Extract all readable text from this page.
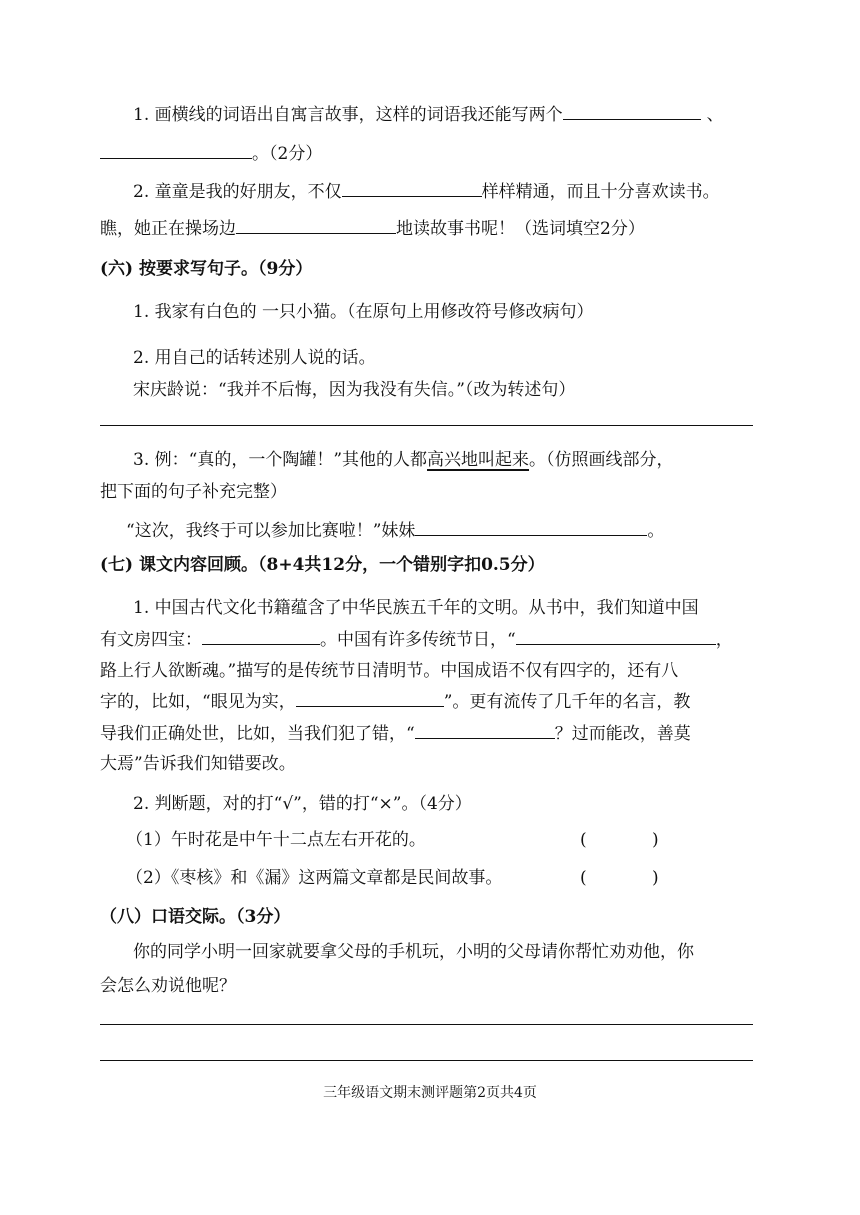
1. 画横线的词语出自寓言故事，这样的词语我还能写两个	、
。（2分）
2. 童童是我的好朋友，不仅	样样精通，而且十分喜欢读书。
瞧，她正在操场边	地读故事书呢！（选词填空2分）
(六) 按要求写句子。（9分）
1. 我家有白色的 一只小猫。（在原句上用修改符号修改病句）
2. 用自己的话转述别人说的话。
宋庆龄说：“我并不后悔，因为我没有失信。”（改为转述句）
3. 例：“真的，一个陶罐！”其他的人都高兴地叫起来。（仿照画线部分，
把下面的句子补充完整）
“这次，我终于可以参加比赛啦！”妹妹	。
(七) 课文内容回顾。（8+4共12分，一个错别字扣0.5分）
1. 中国古代文化书籍蕴含了中华民族五千年的文明。从书中，我们知道中国
有文房四宝：	。中国有许多传统节日，“	，
路上行人欲断魂。”描写的是传统节日清明节。中国成语不仅有四字的，还有八
字的，比如，“眼见为实，	”。更有流传了几千年的名言，教
导我们正确处世，比如，当我们犯了错，“	？过而能改，善莫
大焉”告诉我们知错要改。
2. 判断题，对的打“√”，错的打“×”。（4分）
（1）午时花是中午十二点左右开花的。	(	)
（2）《枣核》和《漏》这两篇文章都是民间故事。	(	)
（八）口语交际。（3分）
你的同学小明一回家就要拿父母的手机玩，小明的父母请你帮忙劝劝他，你
会怎么劝说他呢？
三年级语文期末测评题第2页共4页
